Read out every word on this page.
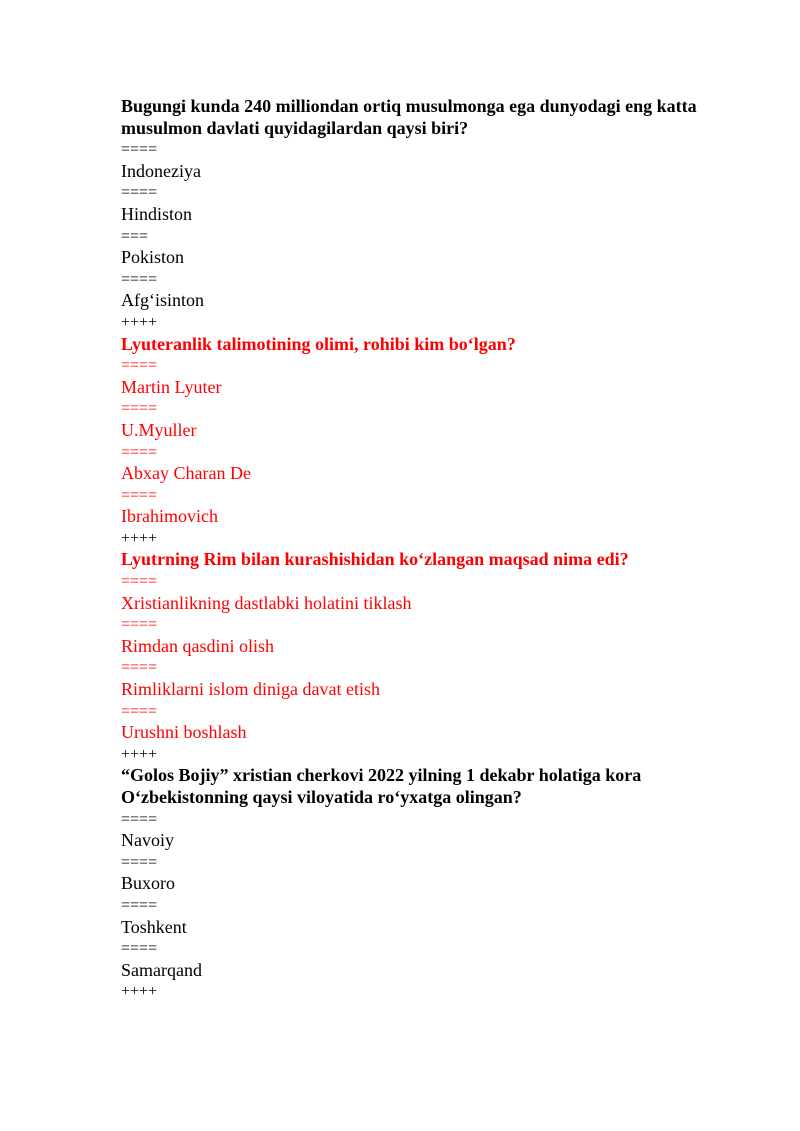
Bugungi kunda 240 milliondan ortiq musulmonga ega dunyodagi eng katta musulmon davlati quyidagilardan qaysi biri?

====

Indoneziya

====

Hindiston

===

Pokiston

====

Afg‘isinton

++++

Lyuteranlik talimotining olimi, rohibi kim bo‘lgan?

====

Martin Lyuter

====

U.Myuller

====

Abxay Charan De

====

Ibrahimovich

++++

Lyutrning Rim bilan kurashishidan ko‘zlangan maqsad nima edi?

====

Xristianlikning dastlabki holatini tiklash

====

Rimdan qasdini olish

====

Rimliklarni islom diniga davat etish

====

Urushni boshlash

++++

“Golos Bojiy” xristian cherkovi 2022 yilning 1 dekabr holatiga kora O‘zbekistonning qaysi viloyatida ro‘yxatga olingan?

====

Navoiy

====

Buxoro

====

Toshkent

====

Samarqand

++++
